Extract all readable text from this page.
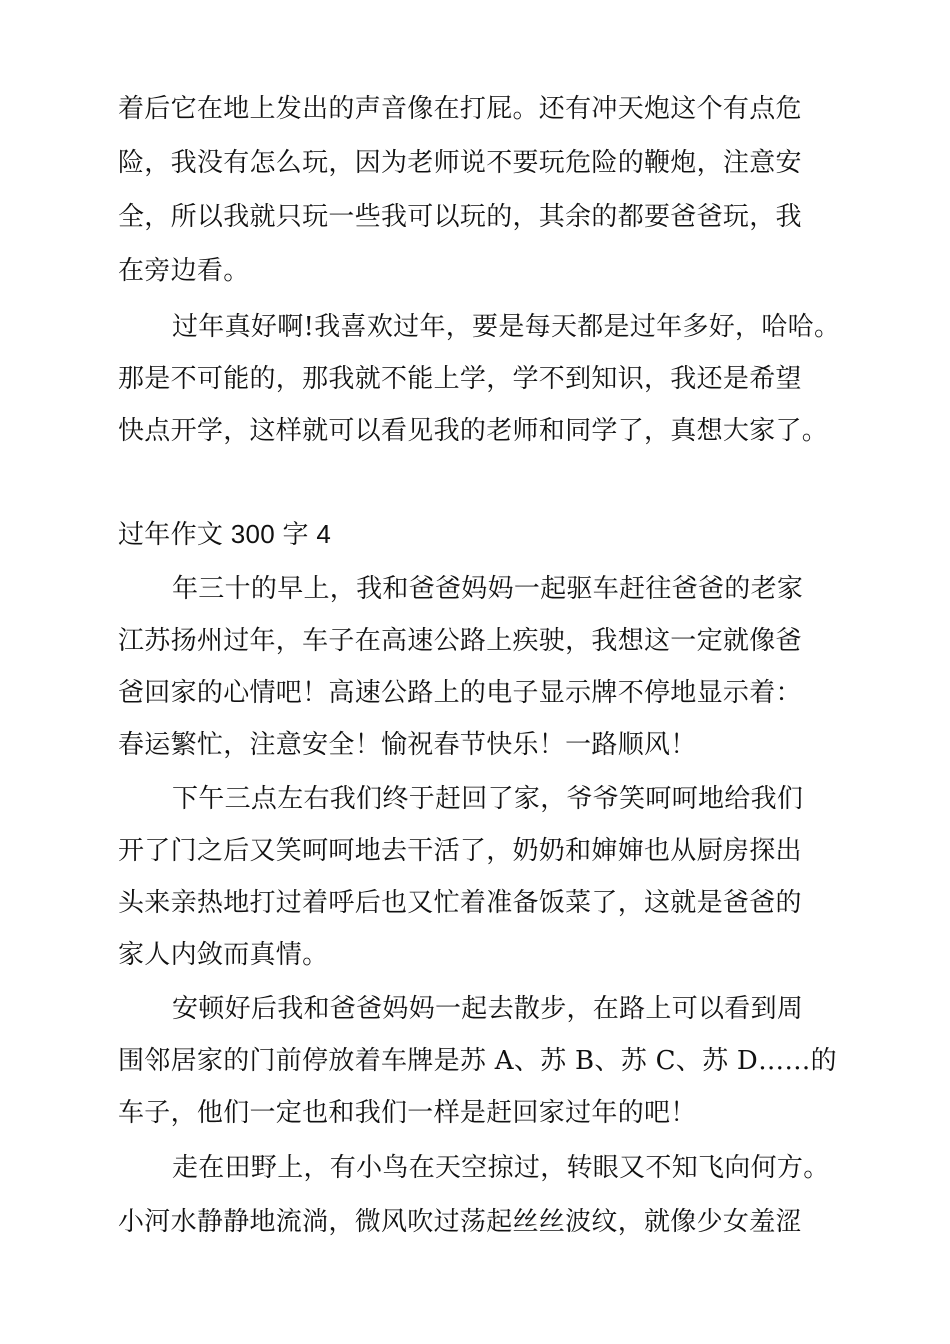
着后它在地上发出的声音像在打屁。还有冲天炮这个有点危
险，我没有怎么玩，因为老师说不要玩危险的鞭炮，注意安
全，所以我就只玩一些我可以玩的，其余的都要爸爸玩，我
在旁边看。
过年真好啊!我喜欢过年，要是每天都是过年多好，哈哈。
那是不可能的，那我就不能上学，学不到知识，我还是希望
快点开学，这样就可以看见我的老师和同学了，真想大家了。
过年作文 300 字 4
年三十的早上，我和爸爸妈妈一起驱车赶往爸爸的老家
江苏扬州过年，车子在高速公路上疾驶，我想这一定就像爸
爸回家的心情吧！高速公路上的电子显示牌不停地显示着：
春运繁忙，注意安全！愉祝春节快乐！一路顺风！
下午三点左右我们终于赶回了家，爷爷笑呵呵地给我们
开了门之后又笑呵呵地去干活了，奶奶和婶婶也从厨房探出
头来亲热地打过着呼后也又忙着准备饭菜了，这就是爸爸的
家人内敛而真情。
安顿好后我和爸爸妈妈一起去散步，在路上可以看到周
围邻居家的门前停放着车牌是苏 A、苏 B、苏 C、苏 D……的
车子，他们一定也和我们一样是赶回家过年的吧！
走在田野上，有小鸟在天空掠过，转眼又不知飞向何方。
小河水静静地流淌，微风吹过荡起丝丝波纹，就像少女羞涩
